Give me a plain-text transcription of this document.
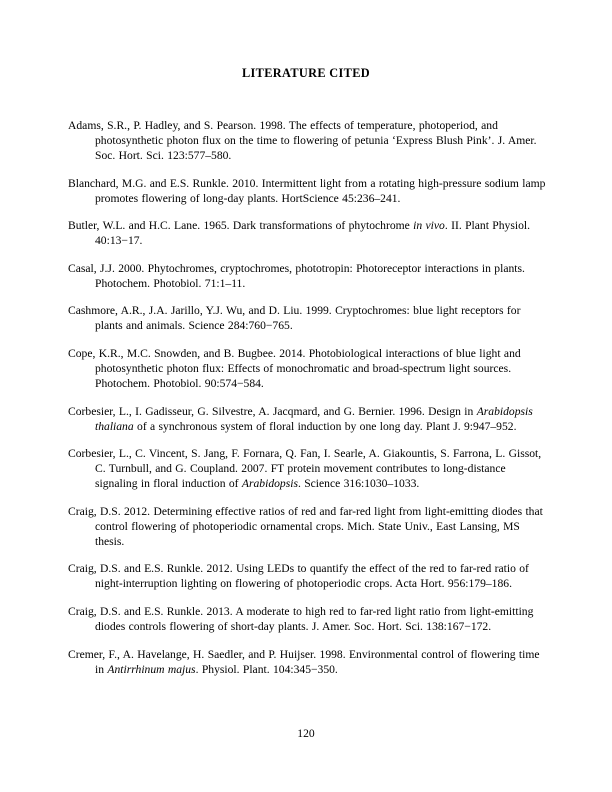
LITERATURE CITED

Adams, S.R., P. Hadley, and S. Pearson. 1998. The effects of temperature, photoperiod, and photosynthetic photon flux on the time to flowering of petunia ‘Express Blush Pink’. J. Amer. Soc. Hort. Sci. 123:577–580.

Blanchard, M.G. and E.S. Runkle. 2010. Intermittent light from a rotating high-pressure sodium lamp promotes flowering of long-day plants. HortScience 45:236–241.

Butler, W.L. and H.C. Lane. 1965. Dark transformations of phytochrome in vivo. II. Plant Physiol. 40:13−17.

Casal, J.J. 2000. Phytochromes, cryptochromes, phototropin: Photoreceptor interactions in plants. Photochem. Photobiol. 71:1–11.

Cashmore, A.R., J.A. Jarillo, Y.J. Wu, and D. Liu. 1999. Cryptochromes: blue light receptors for plants and animals. Science 284:760−765.

Cope, K.R., M.C. Snowden, and B. Bugbee. 2014. Photobiological interactions of blue light and photosynthetic photon flux: Effects of monochromatic and broad-spectrum light sources. Photochem. Photobiol. 90:574−584.

Corbesier, L., I. Gadisseur, G. Silvestre, A. Jacqmard, and G. Bernier. 1996. Design in Arabidopsis thaliana of a synchronous system of floral induction by one long day. Plant J. 9:947–952.

Corbesier, L., C. Vincent, S. Jang, F. Fornara, Q. Fan, I. Searle, A. Giakountis, S. Farrona, L. Gissot, C. Turnbull, and G. Coupland. 2007. FT protein movement contributes to long-distance signaling in floral induction of Arabidopsis. Science 316:1030–1033.

Craig, D.S. 2012. Determining effective ratios of red and far-red light from light-emitting diodes that control flowering of photoperiodic ornamental crops. Mich. State Univ., East Lansing, MS thesis.

Craig, D.S. and E.S. Runkle. 2012. Using LEDs to quantify the effect of the red to far-red ratio of night-interruption lighting on flowering of photoperiodic crops. Acta Hort. 956:179–186.

Craig, D.S. and E.S. Runkle. 2013. A moderate to high red to far-red light ratio from light-emitting diodes controls flowering of short-day plants. J. Amer. Soc. Hort. Sci. 138:167−172.

Cremer, F., A. Havelange, H. Saedler, and P. Huijser. 1998. Environmental control of flowering time in Antirrhinum majus. Physiol. Plant. 104:345−350.

120
